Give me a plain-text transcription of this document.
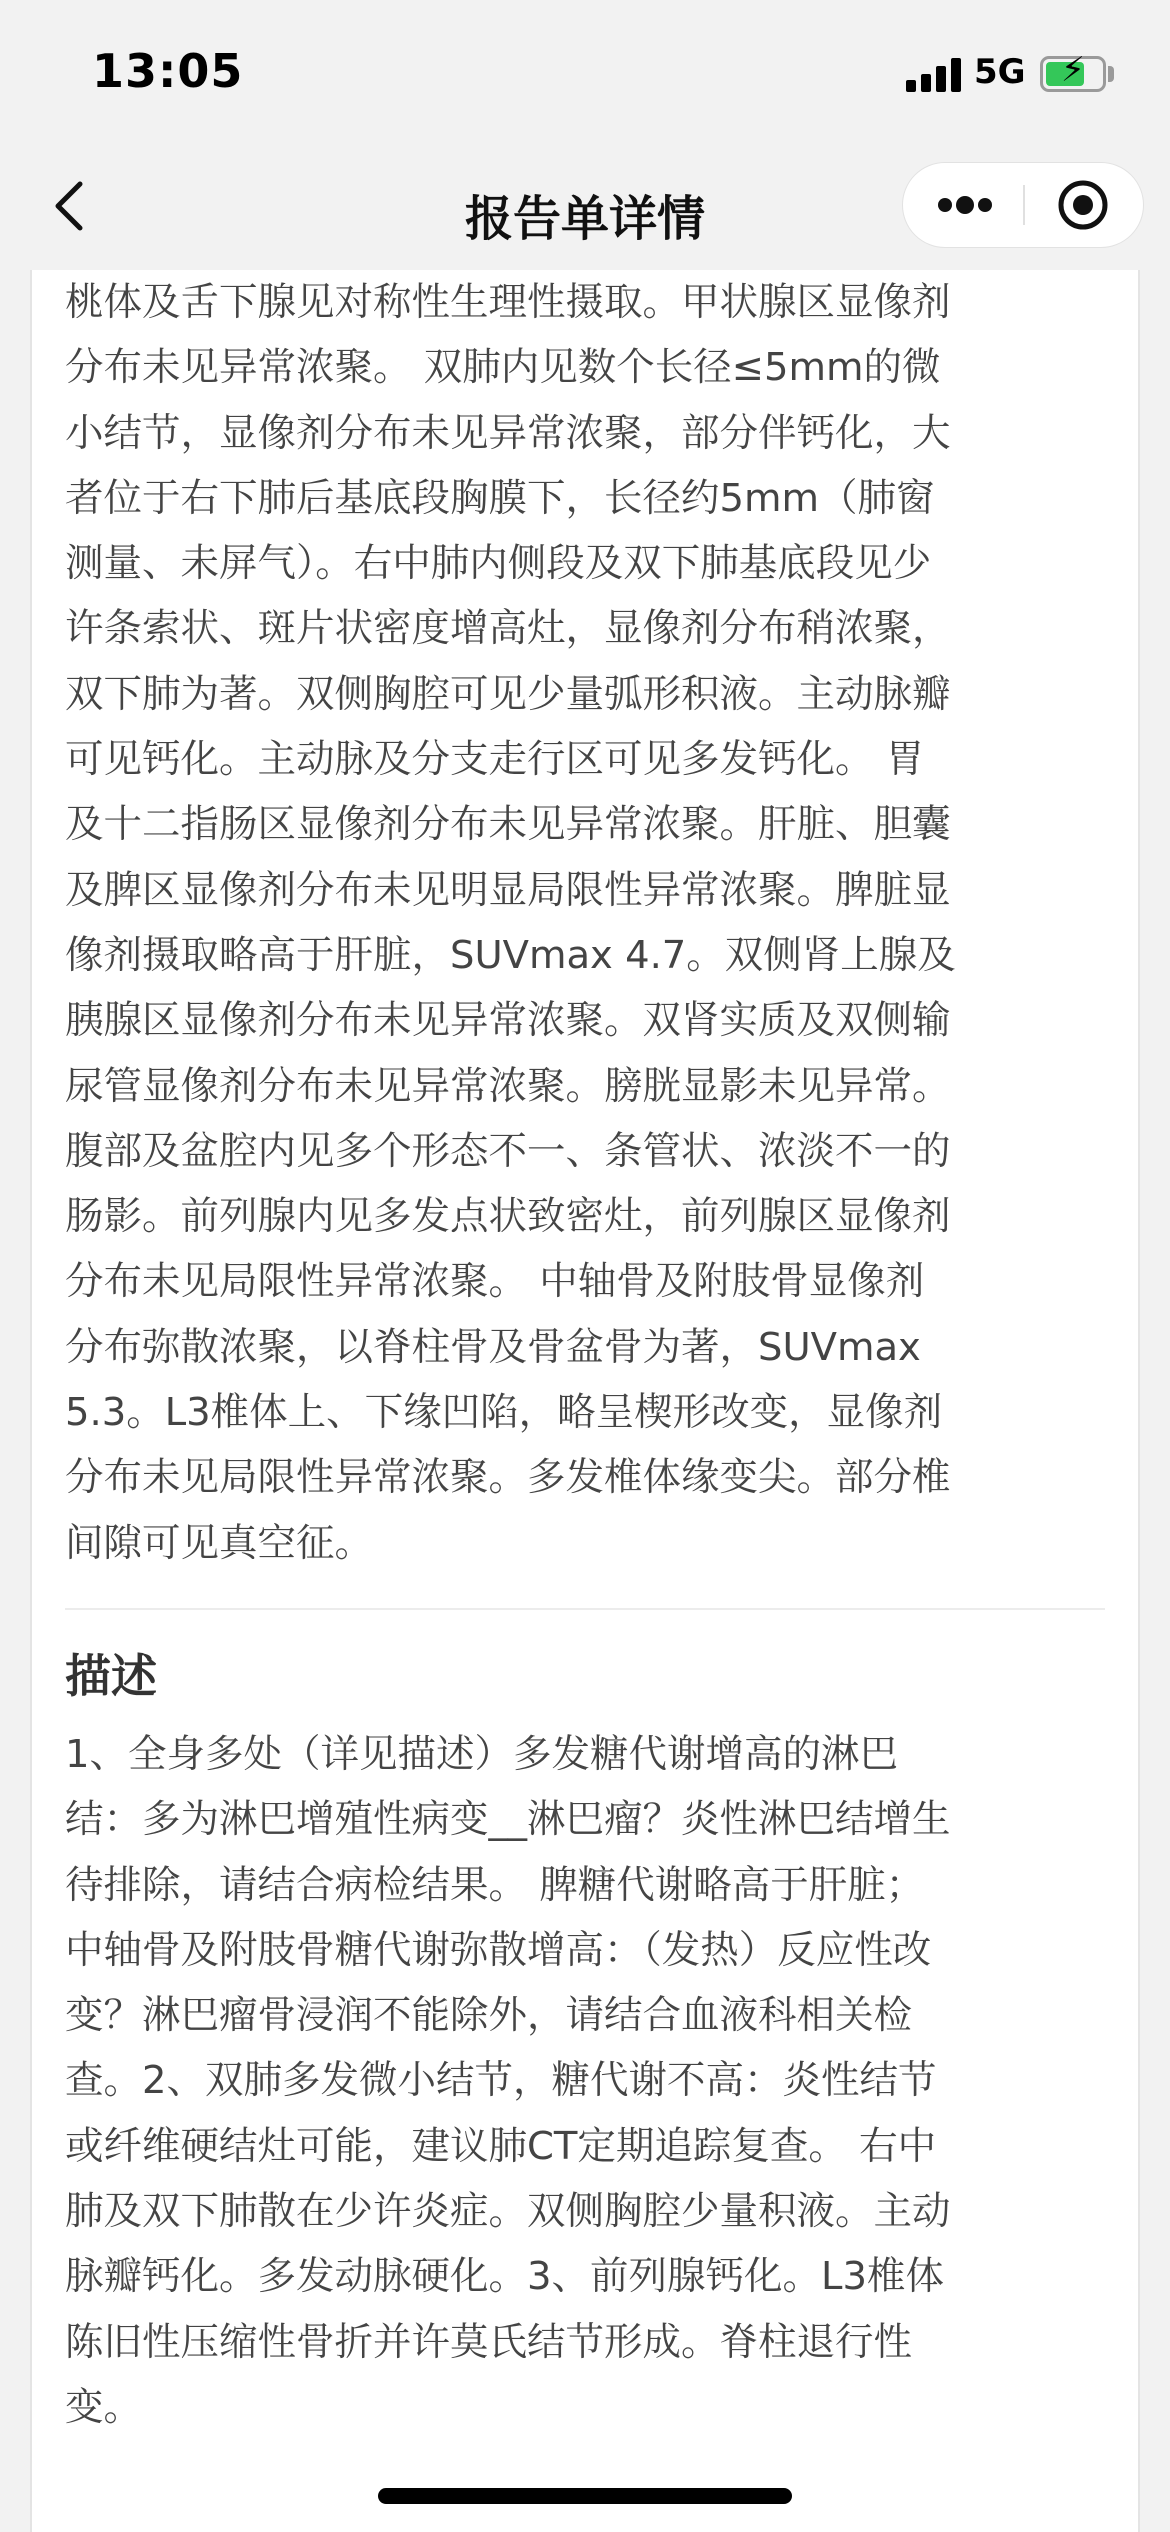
13:05	5G ⚡
报告单详情
桃体及舌下腺见对称性生理性摄取。甲状腺区显像剂
分布未见异常浓聚。 双肺内见数个长径≤5mm的微
小结节，显像剂分布未见异常浓聚，部分伴钙化，大
者位于右下肺后基底段胸膜下，长径约5mm（肺窗
测量、未屏气）。右中肺内侧段及双下肺基底段见少
许条索状、斑片状密度增高灶，显像剂分布稍浓聚，
双下肺为著。双侧胸腔可见少量弧形积液。主动脉瓣
可见钙化。主动脉及分支走行区可见多发钙化。 胃
及十二指肠区显像剂分布未见异常浓聚。肝脏、胆囊
及脾区显像剂分布未见明显局限性异常浓聚。脾脏显
像剂摄取略高于肝脏，SUVmax 4.7。双侧肾上腺及
胰腺区显像剂分布未见异常浓聚。双肾实质及双侧输
尿管显像剂分布未见异常浓聚。膀胱显影未见异常。
腹部及盆腔内见多个形态不一、条管状、浓淡不一的
肠影。前列腺内见多发点状致密灶，前列腺区显像剂
分布未见局限性异常浓聚。 中轴骨及附肢骨显像剂
分布弥散浓聚，以脊柱骨及骨盆骨为著，SUVmax
5.3。L3椎体上、下缘凹陷，略呈楔形改变，显像剂
分布未见局限性异常浓聚。多发椎体缘变尖。部分椎
间隙可见真空征。
描述
1、全身多处（详见描述）多发糖代谢增高的淋巴
结：多为淋巴增殖性病变__淋巴瘤？炎性淋巴结增生
待排除，请结合病检结果。 脾糖代谢略高于肝脏；
中轴骨及附肢骨糖代谢弥散增高：（发热）反应性改
变？淋巴瘤骨浸润不能除外，请结合血液科相关检
查。2、双肺多发微小结节，糖代谢不高：炎性结节
或纤维硬结灶可能，建议肺CT定期追踪复查。 右中
肺及双下肺散在少许炎症。双侧胸腔少量积液。主动
脉瓣钙化。多发动脉硬化。3、前列腺钙化。L3椎体
陈旧性压缩性骨折并许莫氏结节形成。脊柱退行性
变。
